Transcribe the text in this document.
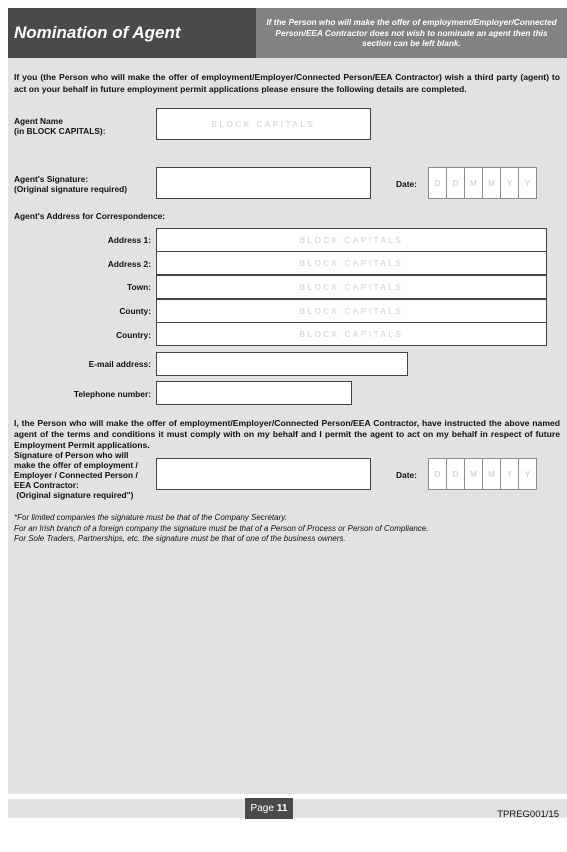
Nomination of Agent
If the Person who will make the offer of employment/Employer/Connected Person/EEA Contractor does not wish to nominate an agent then this section can be left blank.
If you (the Person who will make the offer of employment/Employer/Connected Person/EEA Contractor) wish a third party (agent) to act on your behalf in future employment permit applications please ensure the following details are completed.
Agent Name
(in BLOCK CAPITALS):
BLOCK CAPITALS
Agent's Signature:
(Original signature required)	Date:	D	D	M	M	Y	Y
Agent's Address for Correspondence:
Address 1:	BLOCK CAPITALS
Address 2:	BLOCK CAPITALS
Town:	BLOCK CAPITALS
County:	BLOCK CAPITALS
Country:	BLOCK CAPITALS
E-mail address:
Telephone number:
I, the Person who will make the offer of employment/Employer/Connected Person/EEA Contractor, have instructed the above named agent of the terms and conditions it must comply with on my behalf and I permit the agent to act on my behalf in respect of future Employment Permit applications.
Signature of Person who will
make the offer of employment /
Employer / Connected Person /
EEA Contractor:
(Original signature required")
Date:	D	D	M	M	Y	Y
*For limited companies the signature must be that of the Company Secretary.
For an Irish branch of a foreign company the signature must be that of a Person of Process or Person of Compliance.
For Sole Traders, Partnerships, etc. the signature must be that of one of the business owners.
Page 11
TPREG001/15
